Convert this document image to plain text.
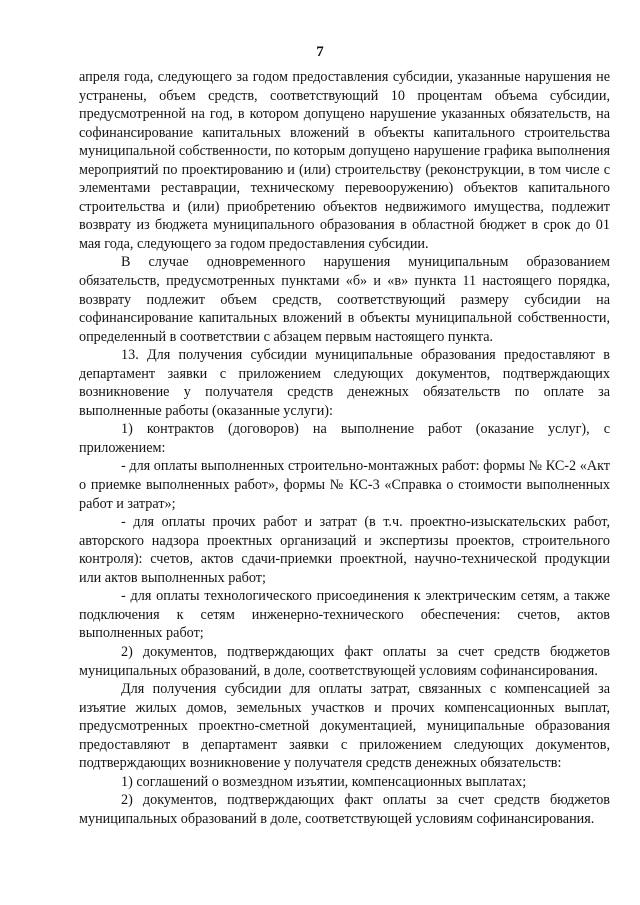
7

апреля года, следующего за годом предоставления субсидии, указанные нарушения не устранены, объем средств, соответствующий 10 процентам объема субсидии, предусмотренной на год, в котором допущено нарушение указанных обязательств, на софинансирование капитальных вложений в объекты капитального строительства муниципальной собственности, по которым допущено нарушение графика выполнения мероприятий по проектированию и (или) строительству (реконструкции, в том числе с элементами реставрации, техническому перевооружению) объектов капитального строительства и (или) приобретению объектов недвижимого имущества, подлежит возврату из бюджета муниципального образования в областной бюджет в срок до 01 мая года, следующего за годом предоставления субсидии.

В случае одновременного нарушения муниципальным образованием обязательств, предусмотренных пунктами «б» и «в» пункта 11 настоящего порядка, возврату подлежит объем средств, соответствующий размеру субсидии на софинансирование капитальных вложений в объекты муниципальной собственности, определенный в соответствии с абзацем первым настоящего пункта.

13. Для получения субсидии муниципальные образования предоставляют в департамент заявки с приложением следующих документов, подтверждающих возникновение у получателя средств денежных обязательств по оплате за выполненные работы (оказанные услуги):

1) контрактов (договоров) на выполнение работ (оказание услуг), с приложением:

- для оплаты выполненных строительно-монтажных работ: формы № КС-2 «Акт о приемке выполненных работ», формы № КС-3 «Справка о стоимости выполненных работ и затрат»;

- для оплаты прочих работ и затрат (в т.ч. проектно-изыскательских работ, авторского надзора проектных организаций и экспертизы проектов, строительного контроля): счетов, актов сдачи-приемки проектной, научно-технической продукции или актов выполненных работ;

- для оплаты технологического присоединения к электрическим сетям, а также подключения к сетям инженерно-технического обеспечения: счетов, актов выполненных работ;

2) документов, подтверждающих факт оплаты за счет средств бюджетов муниципальных образований, в доле, соответствующей условиям софинансирования.

Для получения субсидии для оплаты затрат, связанных с компенсацией за изъятие жилых домов, земельных участков и прочих компенсационных выплат, предусмотренных проектно-сметной документацией, муниципальные образования предоставляют в департамент заявки с приложением следующих документов, подтверждающих возникновение у получателя средств денежных обязательств:

1) соглашений о возмездном изъятии, компенсационных выплатах;

2) документов, подтверждающих факт оплаты за счет средств бюджетов муниципальных образований в доле, соответствующей условиям софинансирования.
